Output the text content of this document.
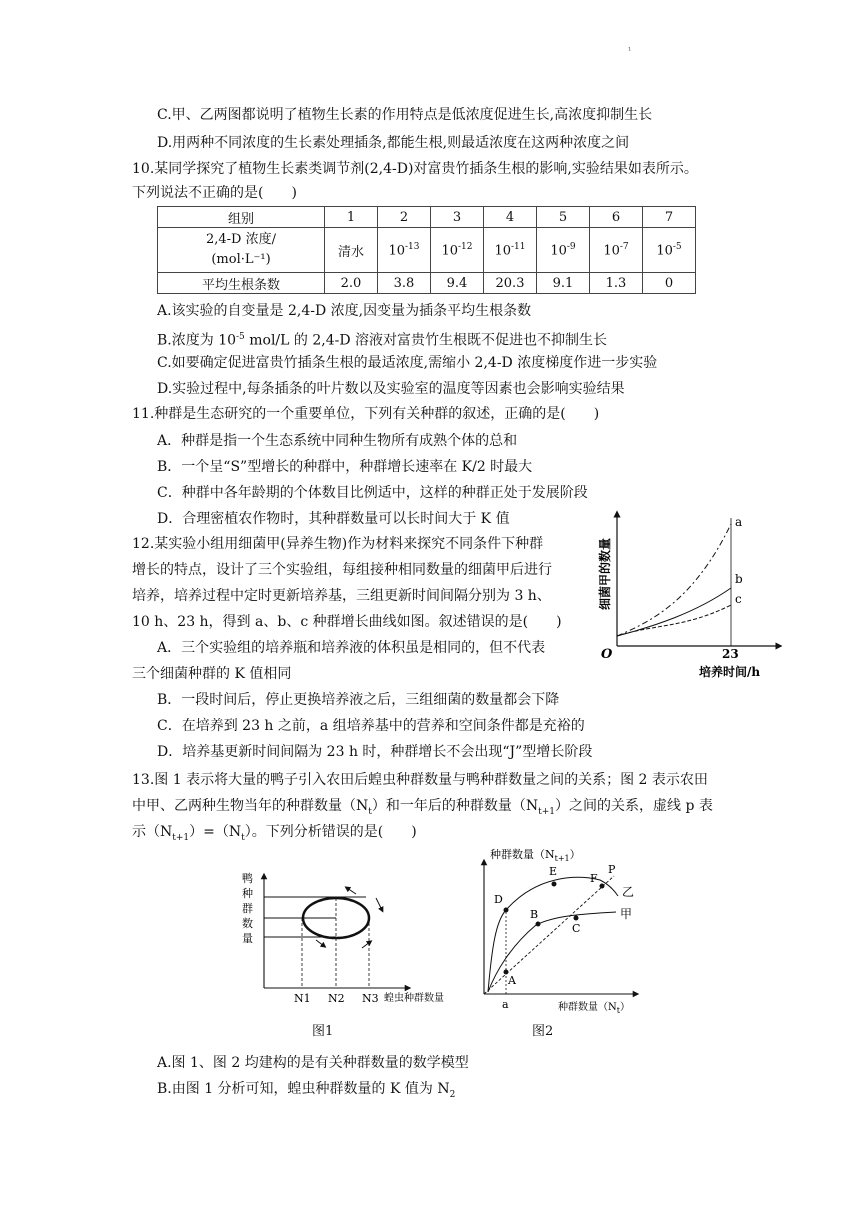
¹
C.甲、乙两图都说明了植物生长素的作用特点是低浓度促进生长,高浓度抑制生长
D.用两种不同浓度的生长素处理插条,都能生根,则最适浓度在这两种浓度之间
10.某同学探究了植物生长素类调节剂(2,4-D)对富贵竹插条生根的影响,实验结果如表所示。
下列说法不正确的是(　　)
组别	1	2	3	4	5	6	7

2,4-D 浓度/
(mol·L⁻¹)	清水	$10^{-13}$	$10^{-12}$	$10^{-11}$	$10^{-9}$	$10^{-7}$	$10^{-5}$
平均生根条数	2.0	3.8	9.4	20.3	9.1	1.3	0
A.该实验的自变量是 2,4-D 浓度,因变量为插条平均生根条数
B.浓度为 $10^{-5}$ mol/L 的 2,4-D 溶液对富贵竹生根既不促进也不抑制生长
C.如要确定促进富贵竹插条生根的最适浓度,需缩小 2,4-D 浓度梯度作进一步实验
D.实验过程中,每条插条的叶片数以及实验室的温度等因素也会影响实验结果
11.种群是生态研究的一个重要单位，下列有关种群的叙述，正确的是(　　)
A．种群是指一个生态系统中同种生物所有成熟个体的总和
B．一个呈“S”型增长的种群中，种群增长速率在 K/2 时最大
C．种群中各年龄期的个体数目比例适中，这样的种群正处于发展阶段
D．合理密植农作物时，其种群数量可以长时间大于 K 值
12.某实验小组用细菌甲(异养生物)作为材料来探究不同条件下种群
增长的特点，设计了三个实验组，每组接种相同数量的细菌甲后进行
培养，培养过程中定时更新培养基，三组更新时间间隔分别为 3 h、
10 h、23 h，得到 a、b、c 种群增长曲线如图。叙述错误的是(　　)
A．三个实验组的培养瓶和培养液的体积虽是相同的，但不代表
三个细菌种群的 K 值相同
B．一段时间后，停止更换培养液之后，三组细菌的数量都会下降
C．在培养到 23 h 之前，a 组培养基中的营养和空间条件都是充裕的
D．培养基更新时间间隔为 23 h 时，种群增长不会出现“J”型增长阶段
a
b
c
O	23
培养时间/h
细菌甲的数量
13.图 1 表示将大量的鸭子引入农田后蝗虫种群数量与鸭种群数量之间的关系；图 2 表示农田
中甲、乙两种生物当年的种群数量$(N_t)$和一年后的种群数量$(N_{t+1})$之间的关系，虚线 p 表
示$(N_{t+1})=(N_t)$。下列分析错误的是(　　)
鸭
种
群
数
量
N1 N2 N3 蝗虫种群数量
图1
种群数量$(N_{t+1})$
A
B
C
D
E
F
P
乙
甲
a	种群数量$(N_t)$
图2
A.图 1、图 2 均建构的是有关种群数量的数学模型
B.由图 1 分析可知，蝗虫种群数量的 K 值为 $N_2$
